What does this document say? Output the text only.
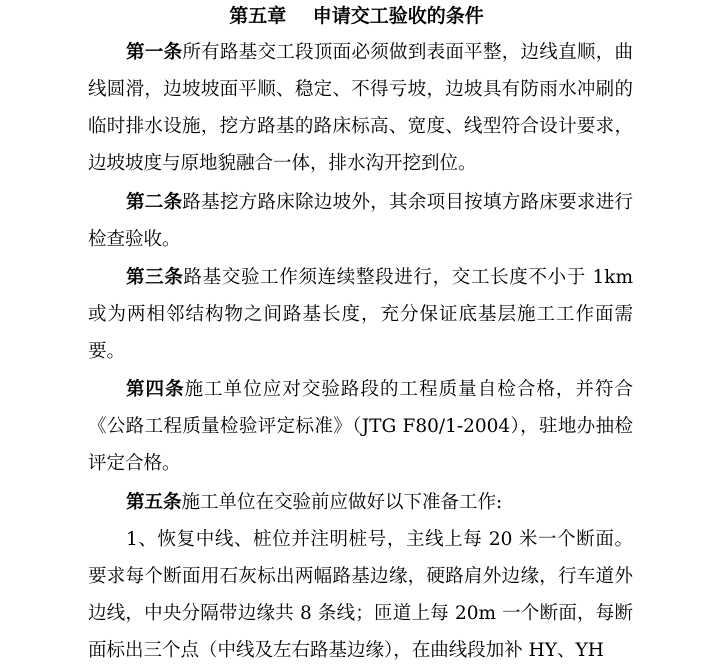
第五章    申请交工验收的条件

第一条所有路基交工段顶面必须做到表面平整，边线直顺，曲线圆滑，边坡坡面平顺、稳定、不得亏坡，边坡具有防雨水冲刷的临时排水设施，挖方路基的路床标高、宽度、线型符合设计要求，边坡坡度与原地貌融合一体，排水沟开挖到位。

第二条路基挖方路床除边坡外，其余项目按填方路床要求进行检查验收。

第三条路基交验工作须连续整段进行，交工长度不小于 1km或为两相邻结构物之间路基长度，充分保证底基层施工工作面需要。

第四条施工单位应对交验路段的工程质量自检合格，并符合《公路工程质量检验评定标准》（JTG F80/1-2004），驻地办抽检评定合格。

第五条施工单位在交验前应做好以下准备工作:

1、恢复中线、桩位并注明桩号，主线上每 20 米一个断面。要求每个断面用石灰标出两幅路基边缘，硬路肩外边缘，行车道外边线，中央分隔带边缘共 8 条线；匝道上每 20m 一个断面，每断面标出三个点（中线及左右路基边缘），在曲线段加补 HY、YH
